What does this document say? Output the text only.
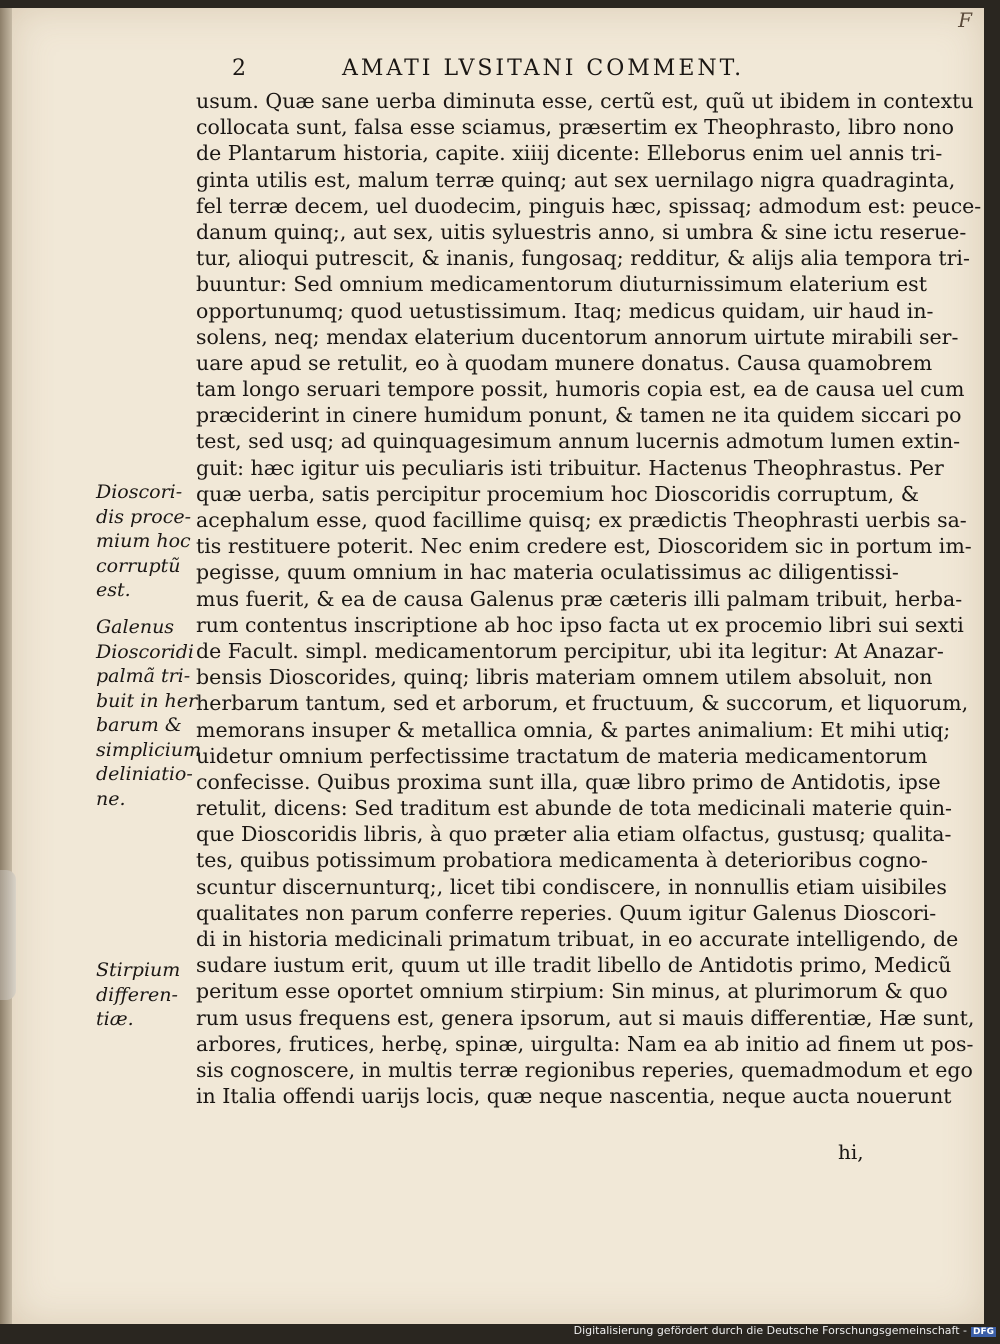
F
2	AMATI LVSITANI COMMENT.
usum. Quæ sane uerba diminuta esse, certũ est, quũ ut ibidem in contextu
collocata sunt, falsa esse sciamus, præsertim ex Theophrasto, libro nono
de Plantarum historia, capite. xiiij dicente: Elleborus enim uel annis tri-
ginta utilis est, malum terræ quinq; aut sex uernilago nigra quadraginta,
fel terræ decem, uel duodecim, pinguis hæc, spissaq; admodum est: peuce-
danum quinq;, aut sex, uitis syluestris anno, si umbra & sine ictu reserue-
tur, alioqui putrescit, & inanis, fungosaq; redditur, & alijs alia tempora tri-
buuntur: Sed omnium medicamentorum diuturnissimum elaterium est
opportunumq; quod uetustissimum. Itaq; medicus quidam, uir haud in-
solens, neq; mendax elaterium ducentorum annorum uirtute mirabili ser-
uare apud se retulit, eo à quodam munere donatus. Causa quamobrem
tam longo seruari tempore possit, humoris copia est, ea de causa uel cum
præciderint in cinere humidum ponunt, & tamen ne ita quidem siccari po
test, sed usq; ad quinquagesimum annum lucernis admotum lumen extin-
guit: hæc igitur uis peculiaris isti tribuitur. Hactenus Theophrastus. Per
quæ uerba, satis percipitur procemium hoc Dioscoridis corruptum, &
acephalum esse, quod facillime quisq; ex prædictis Theophrasti uerbis sa-
tis restituere poterit. Nec enim credere est, Dioscoridem sic in portum im-
pegisse, quum omnium in hac materia oculatissimus ac diligentissi-
mus fuerit, & ea de causa Galenus præ cæteris illi palmam tribuit, herba-
rum contentus inscriptione ab hoc ipso facta ut ex procemio libri sui sexti
de Facult. simpl. medicamentorum percipitur, ubi ita legitur: At Anazar-
bensis Dioscorides, quinq; libris materiam omnem utilem absoluit, non
herbarum tantum, sed et arborum, et fructuum, & succorum, et liquorum,
memorans insuper & metallica omnia, & partes animalium: Et mihi utiq;
uidetur omnium perfectissime tractatum de materia medicamentorum
confecisse. Quibus proxima sunt illa, quæ libro primo de Antidotis, ipse
retulit, dicens: Sed traditum est abunde de tota medicinali materie quin-
que Dioscoridis libris, à quo præter alia etiam olfactus, gustusq; qualita-
tes, quibus potissimum probatiora medicamenta à deterioribus cogno-
scuntur discernunturq;, licet tibi condiscere, in nonnullis etiam uisibiles
qualitates non parum conferre reperies. Quum igitur Galenus Dioscori-
di in historia medicinali primatum tribuat, in eo accurate intelligendo, de
sudare iustum erit, quum ut ille tradit libello de Antidotis primo, Medicũ
peritum esse oportet omnium stirpium: Sin minus, at plurimorum & quo
rum usus frequens est, genera ipsorum, aut si mauis differentiæ, Hæ sunt,
arbores, frutices, herbę, spinæ, uirgulta: Nam ea ab initio ad finem ut pos-
sis cognoscere, in multis terræ regionibus reperies, quemadmodum et ego
in Italia offendi uarijs locis, quæ neque nascentia, neque aucta nouerunt
Dioscori-
dis proce-
mium hoc
corruptũ
est.
Galenus
Dioscoridi
palmã tri-
buit in her
barum &
simplicium
deliniatio-
ne.
Stirpium
differen-
tiæ.
hi,
Digitalisierung gefördert durch die Deutsche Forschungsgemeinschaft - DFG
